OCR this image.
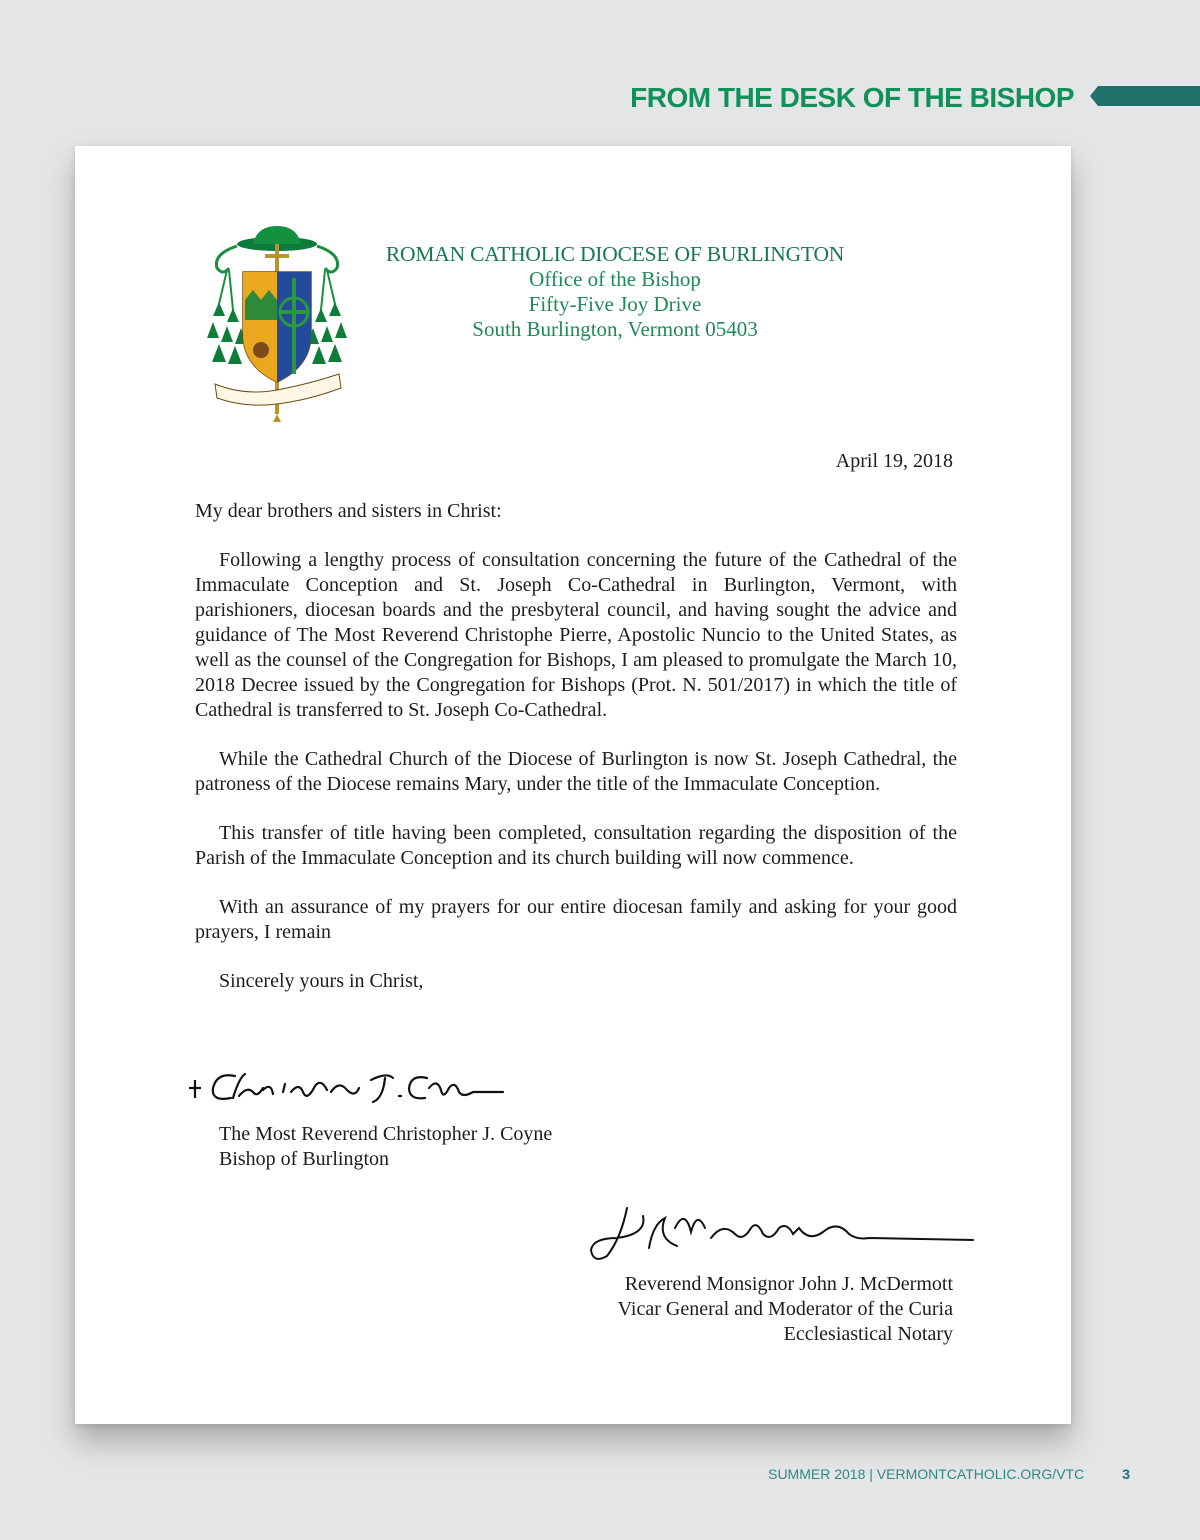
FROM THE DESK OF THE BISHOP
ROMAN CATHOLIC DIOCESE OF BURLINGTON
Office of the Bishop
Fifty-Five Joy Drive
South Burlington, Vermont 05403
April 19, 2018

My dear brothers and sisters in Christ:

Following a lengthy process of consultation concerning the future of the Cathedral of the Immaculate Conception and St. Joseph Co-Cathedral in Burlington, Vermont, with parishioners, diocesan boards and the presbyteral council, and having sought the advice and guidance of The Most Reverend Christophe Pierre, Apostolic Nuncio to the United States, as well as the counsel of the Congregation for Bishops, I am pleased to promulgate the March 10, 2018 Decree issued by the Congregation for Bishops (Prot. N. 501/2017) in which the title of Cathedral is transferred to St. Joseph Co-Cathedral.

While the Cathedral Church of the Diocese of Burlington is now St. Joseph Cathedral, the patroness of the Diocese remains Mary, under the title of the Immaculate Conception.

This transfer of title having been completed, consultation regarding the disposition of the Parish of the Immaculate Conception and its church building will now commence.

With an assurance of my prayers for our entire diocesan family and asking for your good prayers, I remain

Sincerely yours in Christ,

The Most Reverend Christopher J. Coyne
Bishop of Burlington
Reverend Monsignor John J. McDermott
Vicar General and Moderator of the Curia
Ecclesiastical Notary
SUMMER 2018 | VERMONTCATHOLIC.ORG/VTC	3
